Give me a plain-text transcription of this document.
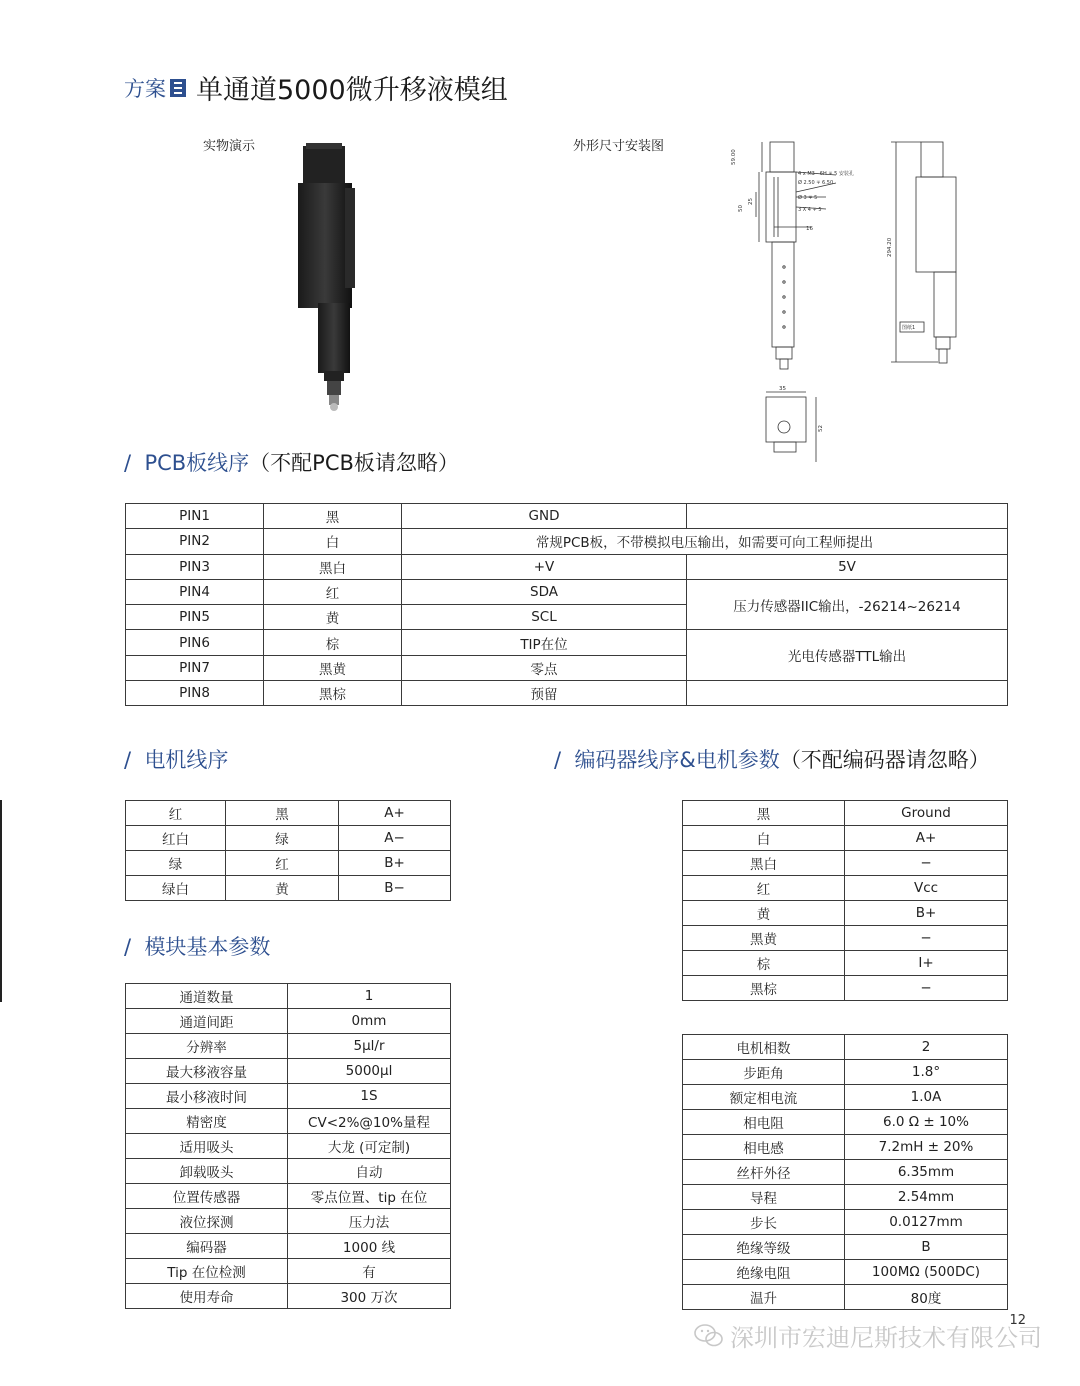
方案 单通道5000微升移液模组
实物演示	外形尺寸安装图
59.00
50
25
16
4 x M3 - 6H ∓ 5 安装孔
Ø 2.50 ∓ 6.50
Ø 3 ∓ 5
3 X 4 ∓ 5
294.20
图纸1
35
52
/ PCB板线序（不配PCB板请忽略）
PIN1	黑	GND	
PIN2	白	常规PCB板，不带模拟电压输出，如需要可向工程师提出	
PIN3	黑白	+V	5V
PIN4	红	SDA	压力传感器IIC输出，-26214~26214
PIN5	黄	SCL	
PIN6	棕	TIP在位	光电传感器TTL输出
PIN7	黑黄	零点	
PIN8	黑棕	预留	
/ 电机线序	/ 编码器线序&电机参数（不配编码器请忽略）
红	黑	A+
红白	绿	A−
绿	红	B+
绿白	黄	B−
黑	Ground
白	A+
黑白	−
红	Vcc
黄	B+
黑黄	−
棕	I+
黑棕	−
/ 模块基本参数
通道数量	1
通道间距	0mm
分辨率	5μl/r
最大移液容量	5000μl
最小移液时间	1S
精密度	CV<2%@10%量程
适用吸头	大龙 (可定制)
卸载吸头	自动
位置传感器	零点位置、tip 在位
液位探测	压力法
编码器	1000 线
Tip 在位检测	有
使用寿命	300 万次
电机相数	2
步距角	1.8°
额定相电流	1.0A
相电阻	6.0 Ω ± 10%
相电感	7.2mH ± 20%
丝杆外径	6.35mm
导程	2.54mm
步长	0.0127mm
绝缘等级	B
绝缘电阻	100MΩ (500DC)
温升	80度
12
深圳市宏迪尼斯技术有限公司
